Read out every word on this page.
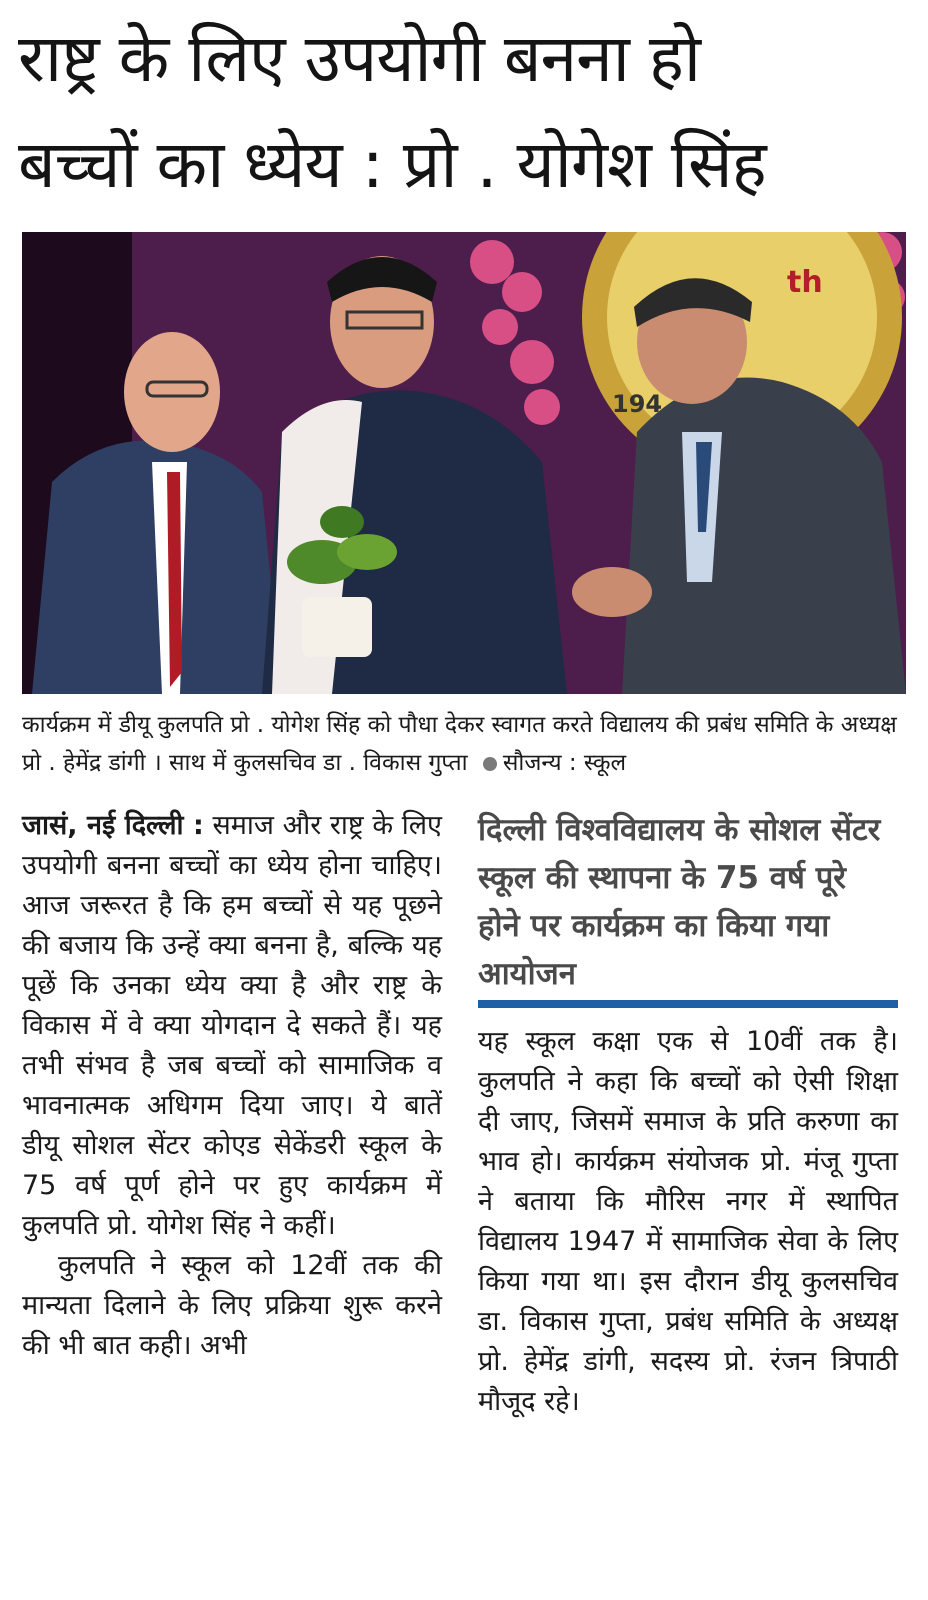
राष्ट्र के लिए उपयोगी बनना हो
बच्चों का ध्येय : प्रो . योगेश सिंह
th
194
कार्यक्रम में डीयू कुलपति प्रो . योगेश सिंह को पौधा देकर स्वागत करते विद्यालय की प्रबंध समिति के अध्यक्ष प्रो . हेमेंद्र डांगी । साथ में कुलसचिव डा . विकास गुप्ता सौजन्य : स्कूल
जासं, नई दिल्ली : समाज और राष्ट्र के लिए उपयोगी बनना बच्चों का ध्येय होना चाहिए। आज जरूरत है कि हम बच्चों से यह पूछने की बजाय कि उन्हें क्या बनना है, बल्कि यह पूछें कि उनका ध्येय क्या है और राष्ट्र के विकास में वे क्या योगदान दे सकते हैं। यह तभी संभव है जब बच्चों को सामाजिक व भावनात्मक अधिगम दिया जाए। ये बातें डीयू सोशल सेंटर कोएड सेकेंडरी स्कूल के 75 वर्ष पूर्ण होने पर हुए कार्यक्रम में कुलपति प्रो. योगेश सिंह ने कहीं।
कुलपति ने स्कूल को 12वीं तक की मान्यता दिलाने के लिए प्रक्रिया शुरू करने की भी बात कही। अभी
दिल्ली विश्वविद्यालय के सोशल सेंटर स्कूल की स्थापना के 75 वर्ष पूरे होने पर कार्यक्रम का किया गया आयोजन
यह स्कूल कक्षा एक से 10वीं तक है। कुलपति ने कहा कि बच्चों को ऐसी शिक्षा दी जाए, जिसमें समाज के प्रति करुणा का भाव हो। कार्यक्रम संयोजक प्रो. मंजू गुप्ता ने बताया कि मौरिस नगर में स्थापित विद्यालय 1947 में सामाजिक सेवा के लिए किया गया था। इस दौरान डीयू कुलसचिव डा. विकास गुप्ता, प्रबंध समिति के अध्यक्ष प्रो. हेमेंद्र डांगी, सदस्य प्रो. रंजन त्रिपाठी मौजूद रहे।
